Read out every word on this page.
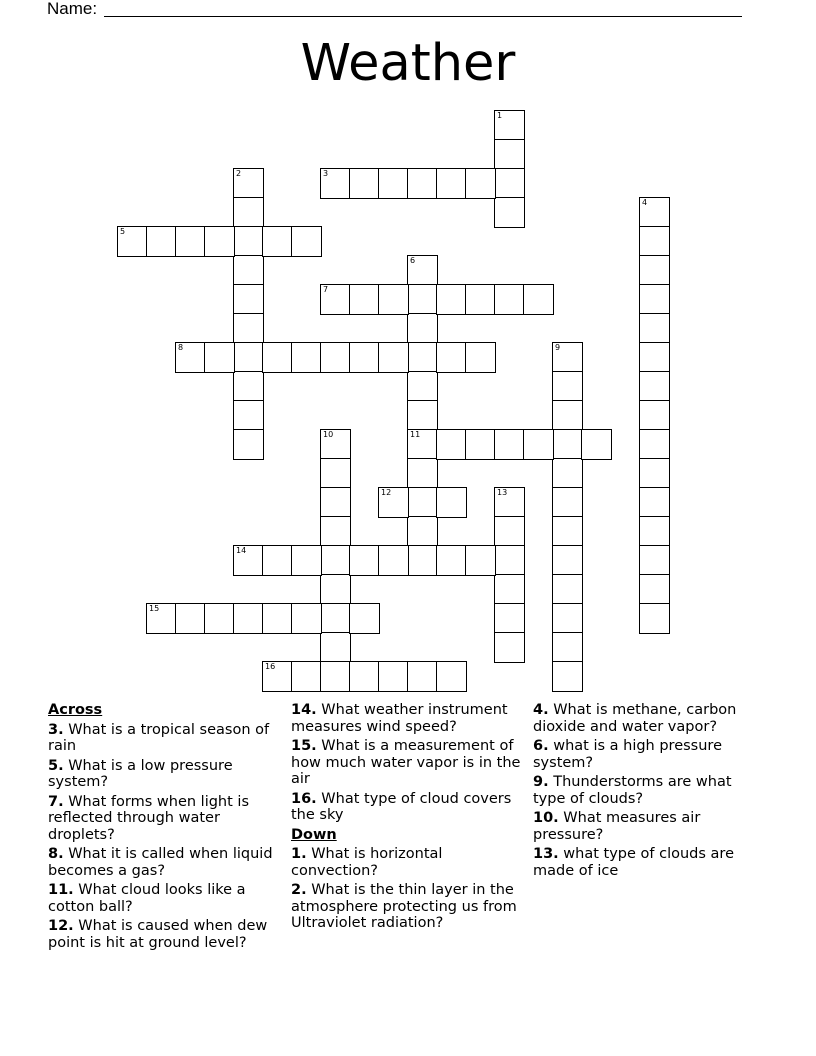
Name:
Weather
1
2	3
4
5
6
11
7
8	9
10
12	13
14
15
16
Across
3. What is a tropical season of rain
5. What is a low pressure system?
7. What forms when light is reflected through water droplets?
8. What it is called when liquid becomes a gas?
11. What cloud looks like a cotton ball?
12. What is caused when dew point is hit at ground level?
14. What weather instrument measures wind speed?
15. What is a measurement of how much water vapor is in the air
16. What type of cloud covers the sky
Down
1. What is horizontal convection?
2. What is the thin layer in the atmosphere protecting us from Ultraviolet radiation?
4. What is methane, carbon dioxide and water vapor?
6. what is a high pressure system?
9. Thunderstorms are what type of clouds?
10. What measures air pressure?
13. what type of clouds are made of ice
